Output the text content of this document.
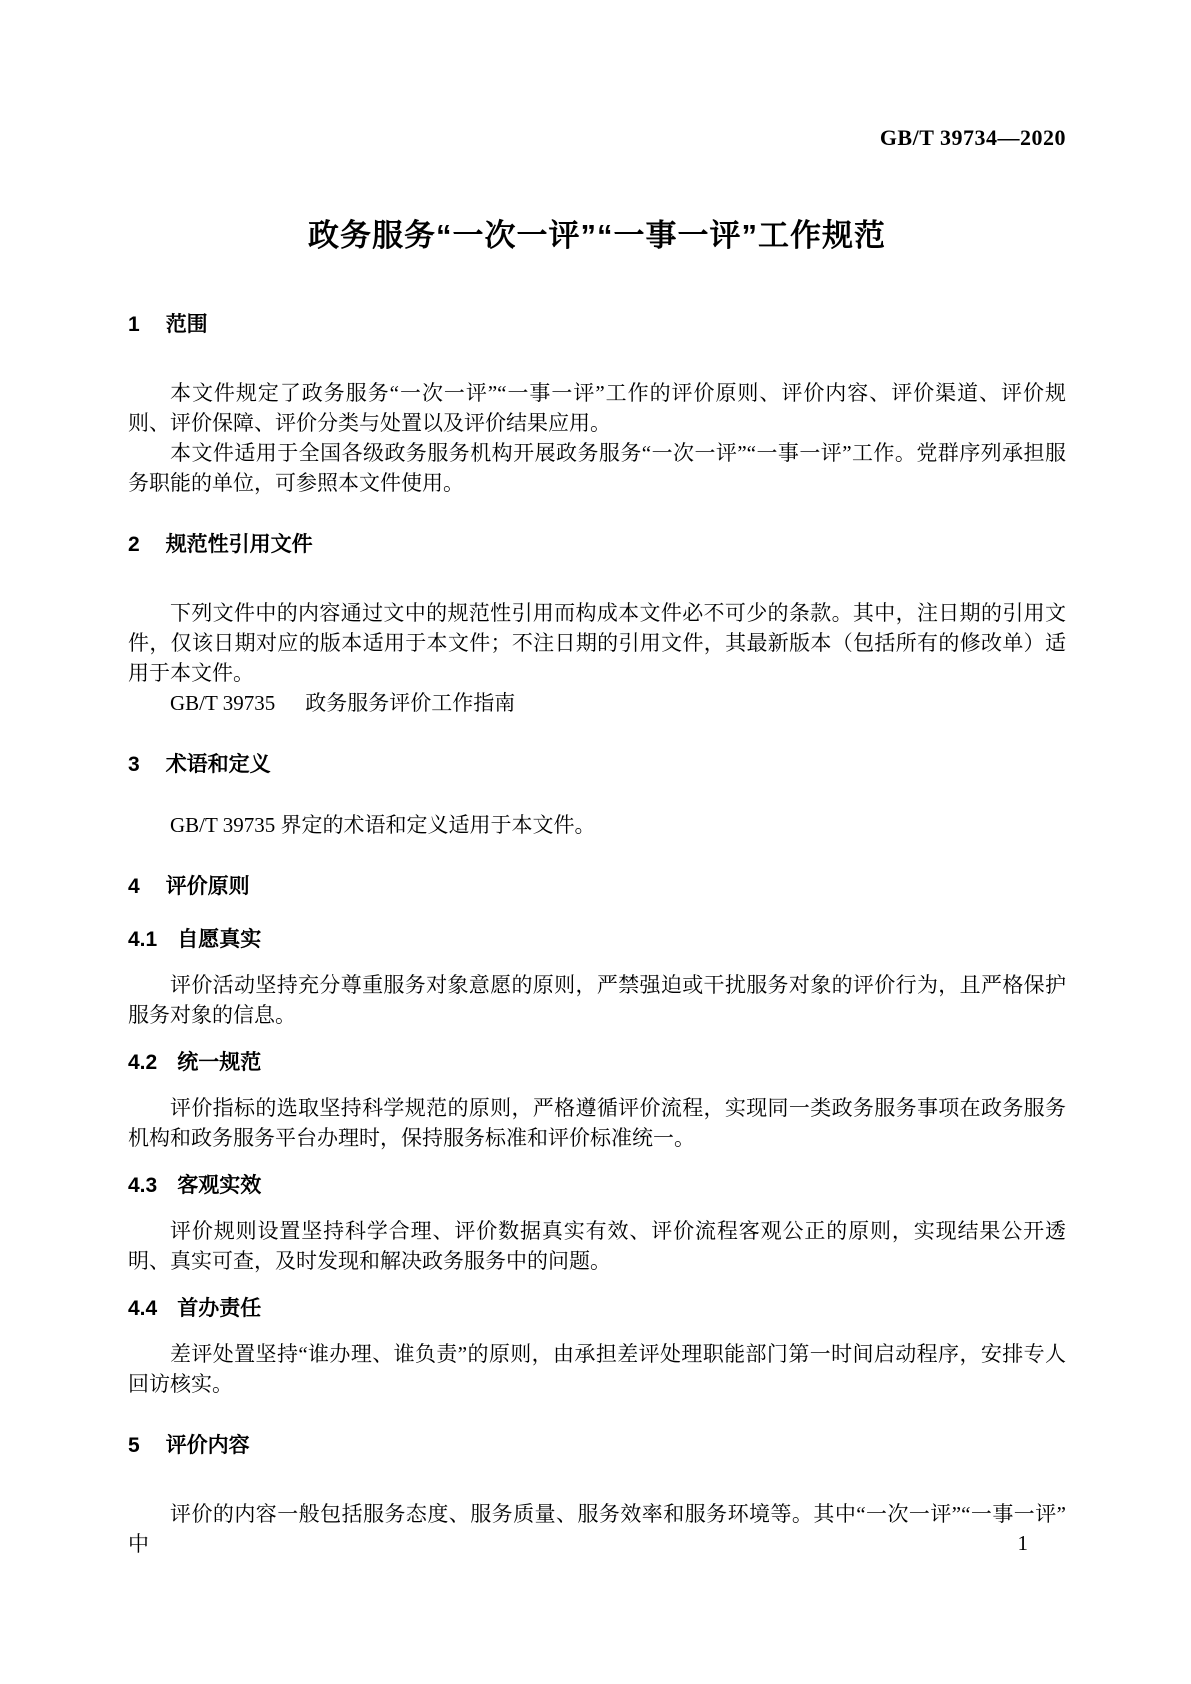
GB/T 39734—2020
政务服务“一次一评”“一事一评”工作规范
1 范围

本文件规定了政务服务“一次一评”“一事一评”工作的评价原则、评价内容、评价渠道、评价规则、评价保障、评价分类与处置以及评价结果应用。

本文件适用于全国各级政务服务机构开展政务服务“一次一评”“一事一评”工作。党群序列承担服务职能的单位，可参照本文件使用。

2 规范性引用文件

下列文件中的内容通过文中的规范性引用而构成本文件必不可少的条款。其中，注日期的引用文件，仅该日期对应的版本适用于本文件；不注日期的引用文件，其最新版本（包括所有的修改单）适用于本文件。

GB/T 39735 政务服务评价工作指南
3 术语和定义

GB/T 39735 界定的术语和定义适用于本文件。

4 评价原则
4.1 自愿真实

评价活动坚持充分尊重服务对象意愿的原则，严禁强迫或干扰服务对象的评价行为，且严格保护服务对象的信息。

4.2 统一规范

评价指标的选取坚持科学规范的原则，严格遵循评价流程，实现同一类政务服务事项在政务服务机构和政务服务平台办理时，保持服务标准和评价标准统一。

4.3 客观实效

评价规则设置坚持科学合理、评价数据真实有效、评价流程客观公正的原则，实现结果公开透明、真实可查，及时发现和解决政务服务中的问题。

4.4 首办责任

差评处置坚持“谁办理、谁负责”的原则，由承担差评处理职能部门第一时间启动程序，安排专人回访核实。

5 评价内容

评价的内容一般包括服务态度、服务质量、服务效率和服务环境等。其中“一次一评”“一事一评”中	1
